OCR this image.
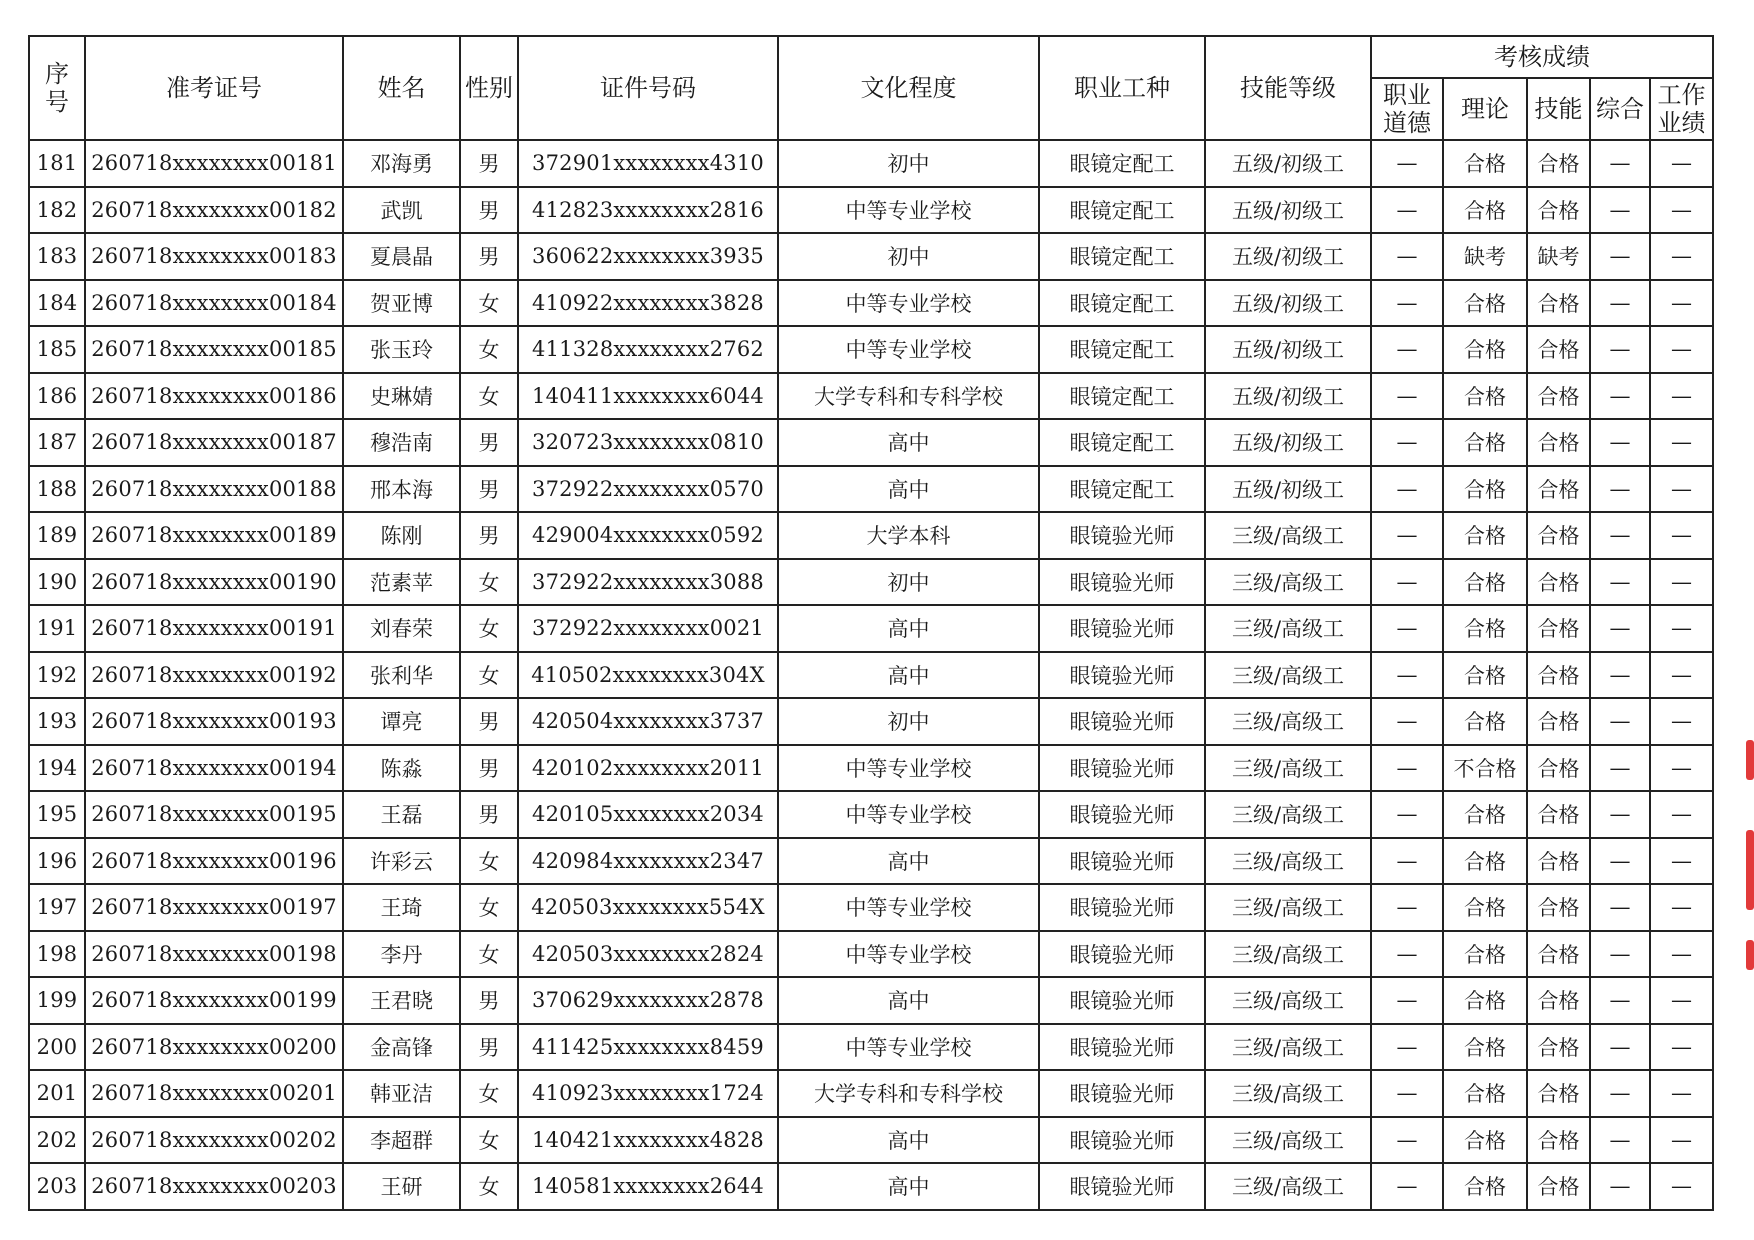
序号	准考证号	姓名	性别	证件号码	文化程度	职业工种	技能等级	考核成绩				
								职业道德	理论	技能	综合	工作业绩
181	260718xxxxxxxx00181	邓海勇	男	372901xxxxxxxx4310	初中	眼镜定配工	五级/初级工	—	合格	合格	—	—
182	260718xxxxxxxx00182	武凯	男	412823xxxxxxxx2816	中等专业学校	眼镜定配工	五级/初级工	—	合格	合格	—	—
183	260718xxxxxxxx00183	夏晨晶	男	360622xxxxxxxx3935	初中	眼镜定配工	五级/初级工	—	缺考	缺考	—	—
184	260718xxxxxxxx00184	贺亚博	女	410922xxxxxxxx3828	中等专业学校	眼镜定配工	五级/初级工	—	合格	合格	—	—
185	260718xxxxxxxx00185	张玉玲	女	411328xxxxxxxx2762	中等专业学校	眼镜定配工	五级/初级工	—	合格	合格	—	—
186	260718xxxxxxxx00186	史琳婧	女	140411xxxxxxxx6044	大学专科和专科学校	眼镜定配工	五级/初级工	—	合格	合格	—	—
187	260718xxxxxxxx00187	穆浩南	男	320723xxxxxxxx0810	高中	眼镜定配工	五级/初级工	—	合格	合格	—	—
188	260718xxxxxxxx00188	邢本海	男	372922xxxxxxxx0570	高中	眼镜定配工	五级/初级工	—	合格	合格	—	—
189	260718xxxxxxxx00189	陈刚	男	429004xxxxxxxx0592	大学本科	眼镜验光师	三级/高级工	—	合格	合格	—	—
190	260718xxxxxxxx00190	范素苹	女	372922xxxxxxxx3088	初中	眼镜验光师	三级/高级工	—	合格	合格	—	—
191	260718xxxxxxxx00191	刘春荣	女	372922xxxxxxxx0021	高中	眼镜验光师	三级/高级工	—	合格	合格	—	—
192	260718xxxxxxxx00192	张利华	女	410502xxxxxxxx304X	高中	眼镜验光师	三级/高级工	—	合格	合格	—	—
193	260718xxxxxxxx00193	谭亮	男	420504xxxxxxxx3737	初中	眼镜验光师	三级/高级工	—	合格	合格	—	—
194	260718xxxxxxxx00194	陈淼	男	420102xxxxxxxx2011	中等专业学校	眼镜验光师	三级/高级工	—	不合格	合格	—	—
195	260718xxxxxxxx00195	王磊	男	420105xxxxxxxx2034	中等专业学校	眼镜验光师	三级/高级工	—	合格	合格	—	—
196	260718xxxxxxxx00196	许彩云	女	420984xxxxxxxx2347	高中	眼镜验光师	三级/高级工	—	合格	合格	—	—
197	260718xxxxxxxx00197	王琦	女	420503xxxxxxxx554X	中等专业学校	眼镜验光师	三级/高级工	—	合格	合格	—	—
198	260718xxxxxxxx00198	李丹	女	420503xxxxxxxx2824	中等专业学校	眼镜验光师	三级/高级工	—	合格	合格	—	—
199	260718xxxxxxxx00199	王君晓	男	370629xxxxxxxx2878	高中	眼镜验光师	三级/高级工	—	合格	合格	—	—
200	260718xxxxxxxx00200	金高锋	男	411425xxxxxxxx8459	中等专业学校	眼镜验光师	三级/高级工	—	合格	合格	—	—
201	260718xxxxxxxx00201	韩亚洁	女	410923xxxxxxxx1724	大学专科和专科学校	眼镜验光师	三级/高级工	—	合格	合格	—	—
202	260718xxxxxxxx00202	李超群	女	140421xxxxxxxx4828	高中	眼镜验光师	三级/高级工	—	合格	合格	—	—
203	260718xxxxxxxx00203	王研	女	140581xxxxxxxx2644	高中	眼镜验光师	三级/高级工	—	合格	合格	—	—
